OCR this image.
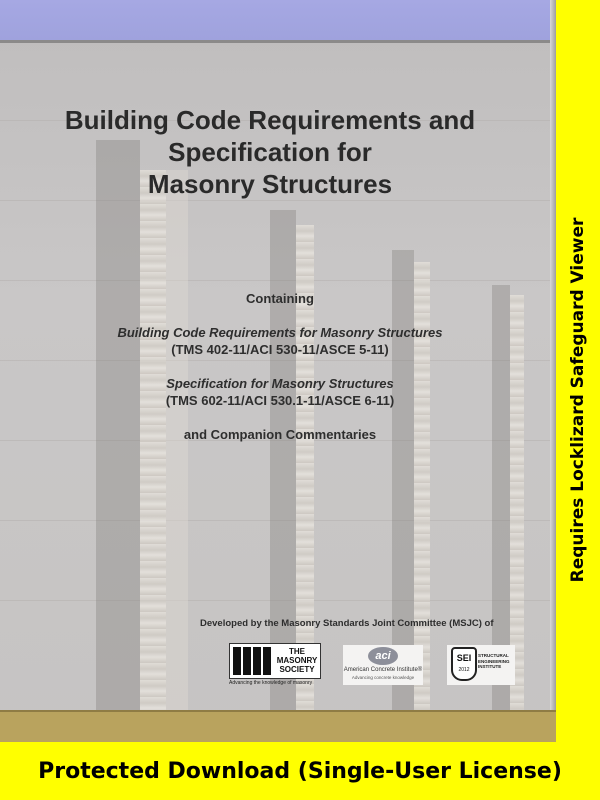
Building Code Requirements and
Specification for
Masonry Structures
Containing
Building Code Requirements for Masonry Structures
(TMS 402-11/ACI 530-11/ASCE 5-11)
Specification for Masonry Structures
(TMS 602-11/ACI 530.1-11/ASCE 6-11)
and Companion Commentaries
Developed by the Masonry Standards Joint Committee (MSJC) of
THE
MASONRY
SOCIETY
Advancing the knowledge of masonry
aci
American Concrete Institute®
Advancing concrete knowledge
SEI
2012
STRUCTURAL
ENGINEERING
INSTITUTE
Requires Locklizard Safeguard Viewer
Protected Download (Single-User License)
